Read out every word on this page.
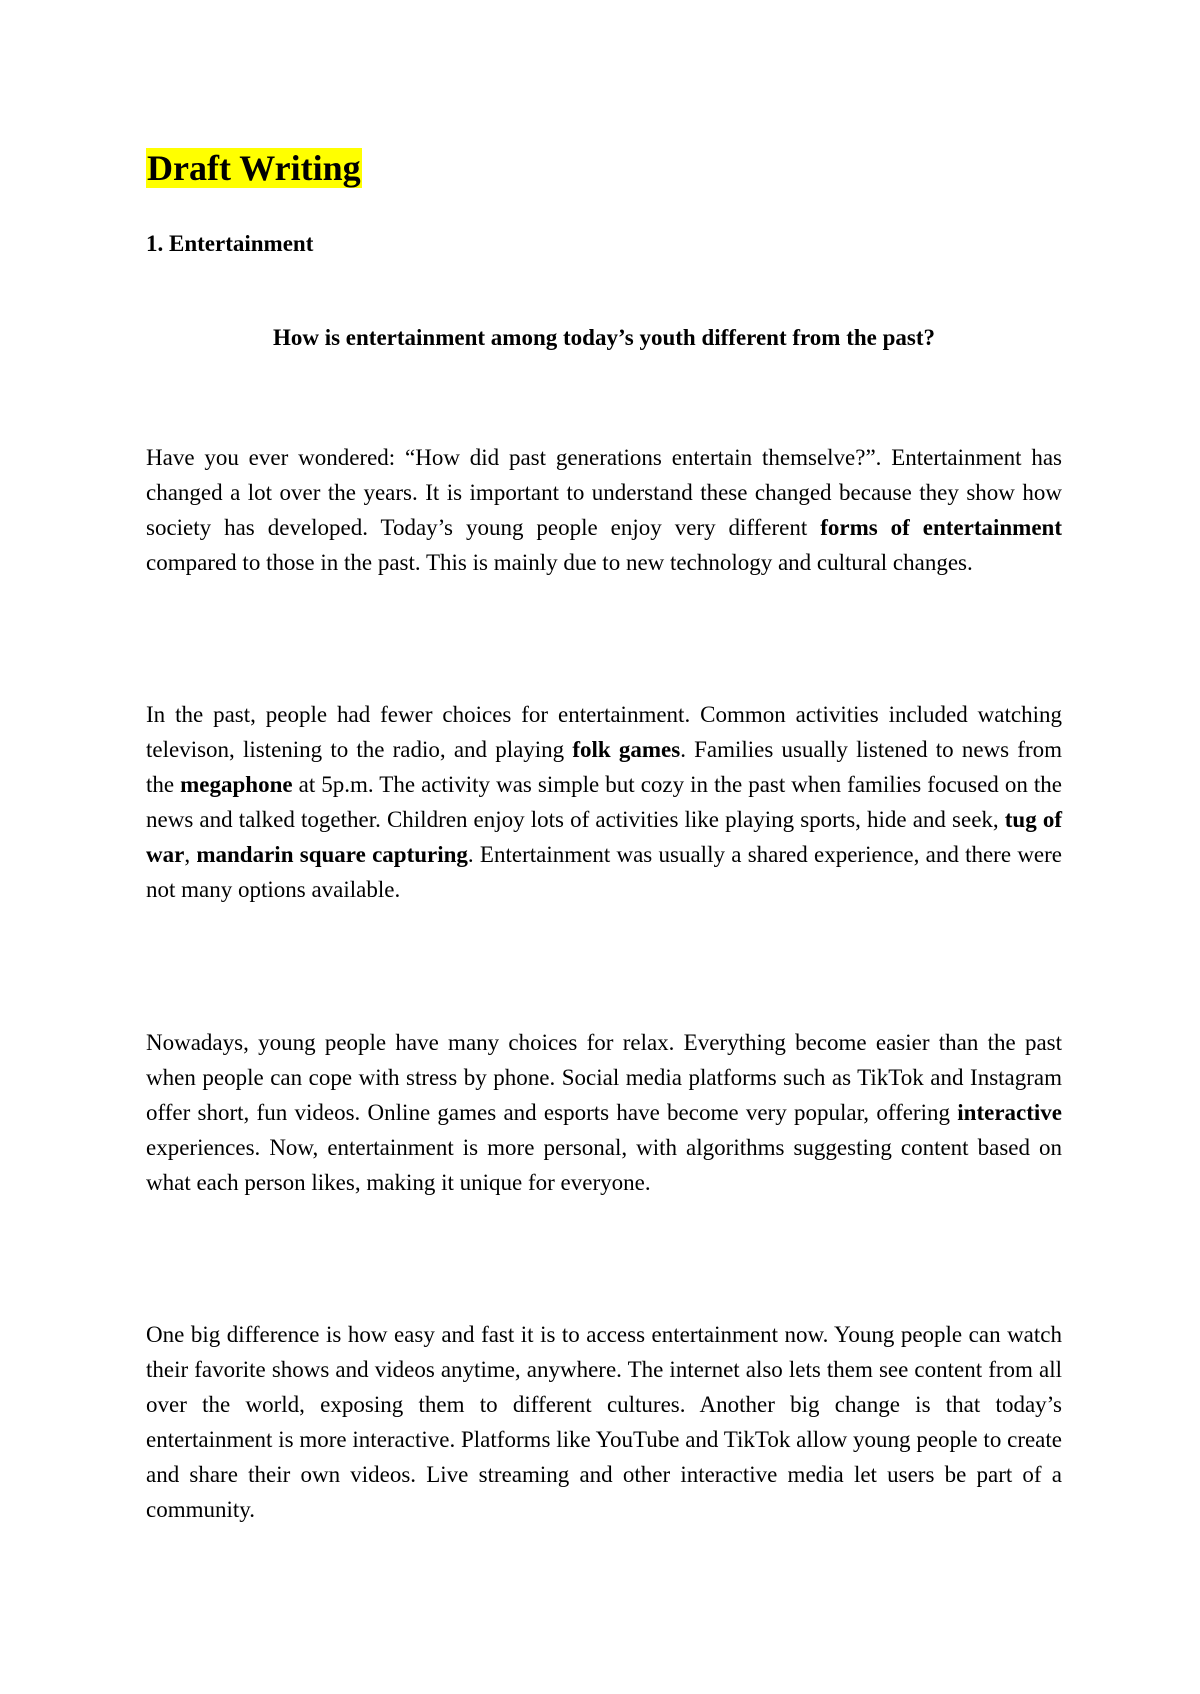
Draft Writing
1. Entertainment

How is entertainment among today’s youth different from the past?

Have you ever wondered: “How did past generations entertain themselve?”. Entertainment has changed a lot over the years. It is important to understand these changed because they show how society has developed. Today’s young people enjoy very different forms of entertainment compared to those in the past. This is mainly due to new technology and cultural changes.

In the past, people had fewer choices for entertainment. Common activities included watching televison, listening to the radio, and playing folk games. Families usually listened to news from the megaphone at 5p.m. The activity was simple but cozy in the past when families focused on the news and talked together. Children enjoy lots of activities like playing sports, hide and seek, tug of war, mandarin square capturing. Entertainment was usually a shared experience, and there were not many options available.

Nowadays, young people have many choices for relax. Everything become easier than the past when people can cope with stress by phone. Social media platforms such as TikTok and Instagram offer short, fun videos. Online games and esports have become very popular, offering interactive experiences. Now, entertainment is more personal, with algorithms suggesting content based on what each person likes, making it unique for everyone.

One big difference is how easy and fast it is to access entertainment now. Young people can watch their favorite shows and videos anytime, anywhere. The internet also lets them see content from all over the world, exposing them to different cultures. Another big change is that today’s entertainment is more interactive. Platforms like YouTube and TikTok allow young people to create and share their own videos. Live streaming and other interactive media let users be part of a community.
